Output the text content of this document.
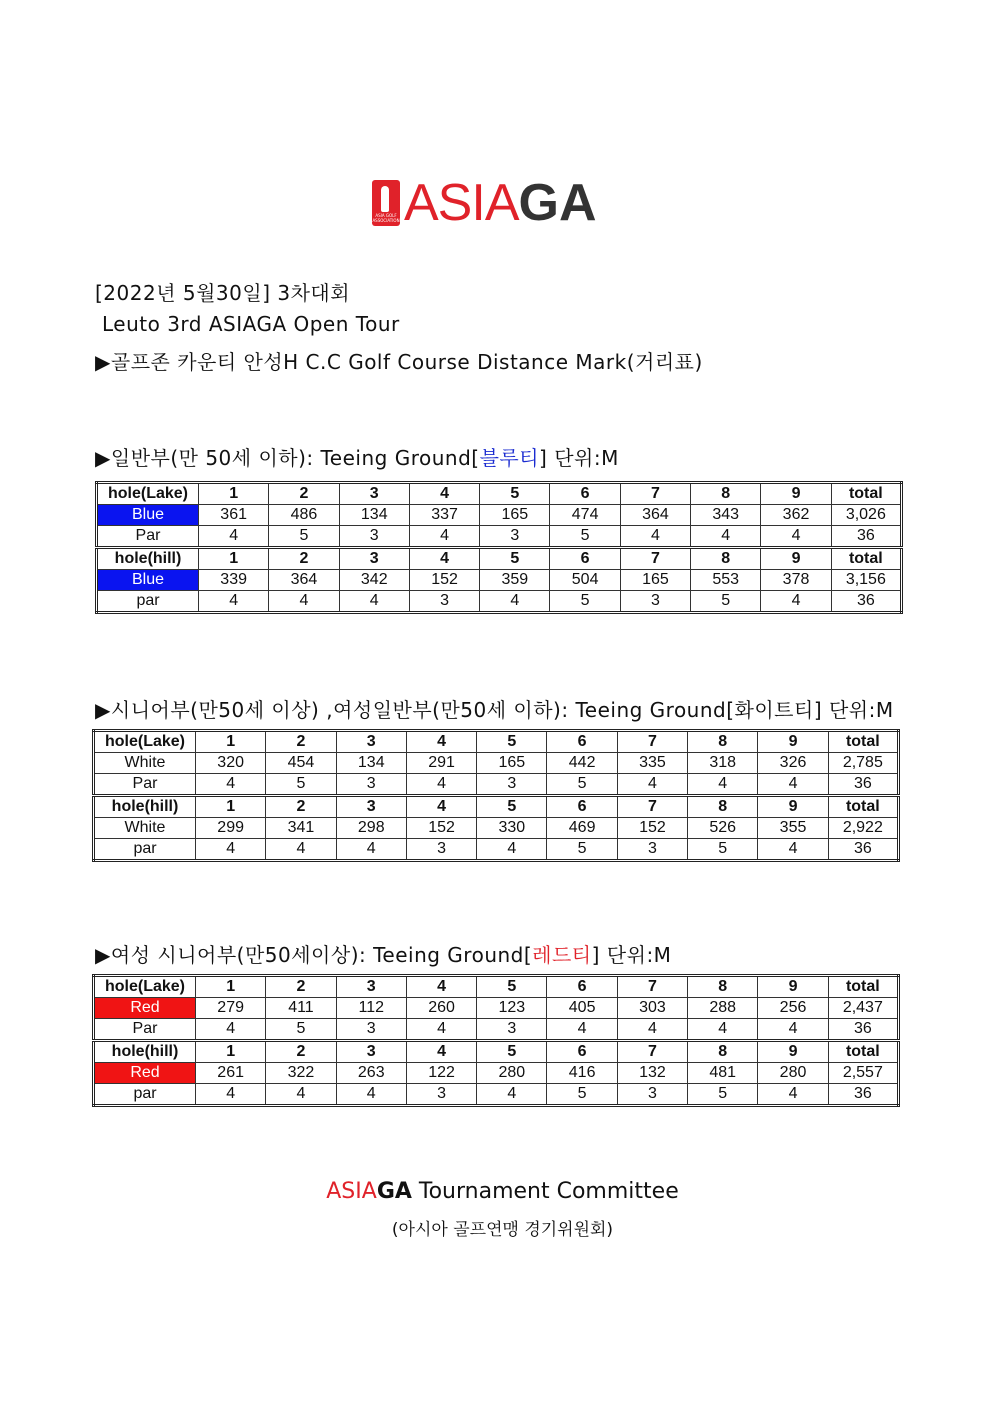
ASIA GOLF ASSOCIATION ASIA GA
[2022년 5월30일] 3차대회
Leuto 3rd ASIAGA Open Tour
▶골프존 카운티 안성H C.C Golf Course Distance Mark(거리표)
▶일반부(만 50세 이하): Teeing Ground[블루티] 단위:M
hole(Lake)	1	2	3	4	5	6	7	8	9	total
Blue	361	486	134	337	165	474	364	343	362	3,026
Par	4	5	3	4	3	5	4	4	4	36
hole(hill)	1	2	3	4	5	6	7	8	9	total
Blue	339	364	342	152	359	504	165	553	378	3,156
par	4	4	4	3	4	5	3	5	4	36
▶시니어부(만50세 이상) ,여성일반부(만50세 이하): Teeing Ground[화이트티] 단위:M
hole(Lake)	1	2	3	4	5	6	7	8	9	total
White	320	454	134	291	165	442	335	318	326	2,785
Par	4	5	3	4	3	5	4	4	4	36
hole(hill)	1	2	3	4	5	6	7	8	9	total
White	299	341	298	152	330	469	152	526	355	2,922
par	4	4	4	3	4	5	3	5	4	36
▶여성 시니어부(만50세이상): Teeing Ground[레드티] 단위:M
hole(Lake)	1	2	3	4	5	6	7	8	9	total
Red	279	411	112	260	123	405	303	288	256	2,437
Par	4	5	3	4	3	4	4	4	4	36
hole(hill)	1	2	3	4	5	6	7	8	9	total
Red	261	322	263	122	280	416	132	481	280	2,557
par	4	4	4	3	4	5	3	5	4	36
ASIAGA Tournament Committee
(아시아 골프연맹 경기위원회)
